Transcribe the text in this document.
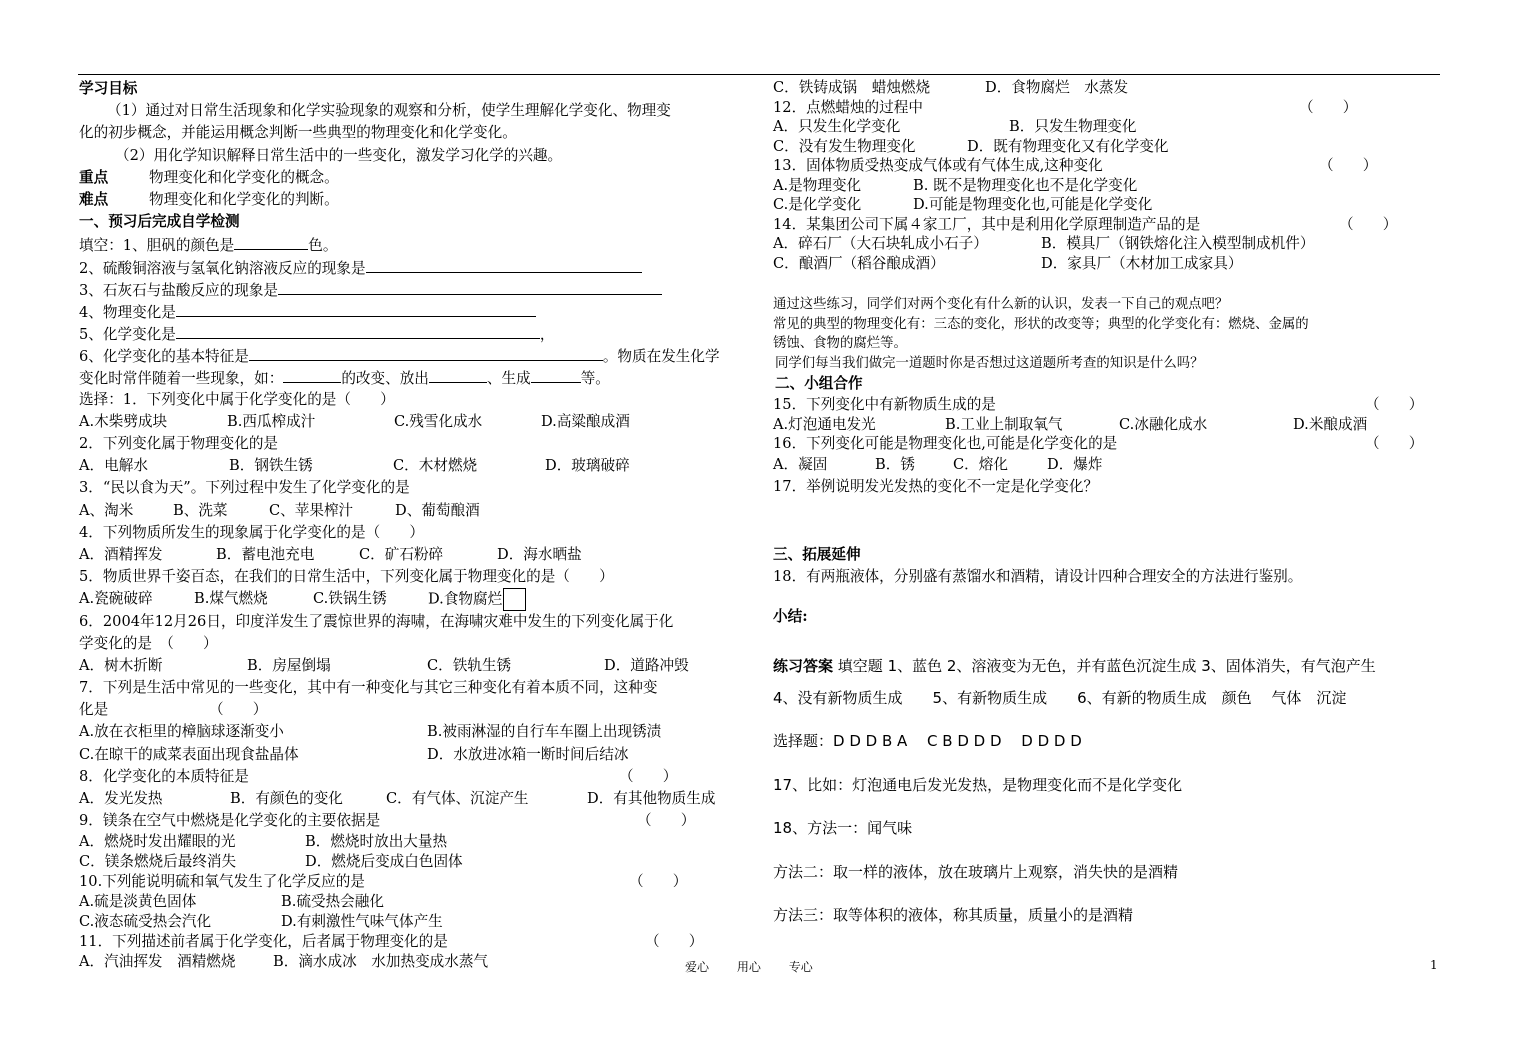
学习目标
（1）通过对日常生活现象和化学实验现象的观察和分析，使学生理解化学变化、物理变
化的初步概念，并能运用概念判断一些典型的物理变化和化学变化。
（2）用化学知识解释日常生活中的一些变化，激发学习化学的兴趣。
重点	物理变化和化学变化的概念。
难点	物理变化和化学变化的判断。
一、预习后完成自学检测
填空：1、胆矾的颜色是	色。
2、硫酸铜溶液与氢氧化钠溶液反应的现象是
3、石灰石与盐酸反应的现象是
4、物理变化是
5、化学变化是	，
6、化学变化的基本特征是	。物质在发生化学
变化时常伴随着一些现象，如：	的改变、放出	、生成	等。
选择：1．下列变化中属于化学变化的是（　　）
A.木柴劈成块	B.西瓜榨成汁	C.残雪化成水	D.高粱酿成酒
2．下列变化属于物理变化的是
A．电解水	B．钢铁生锈	C．木材燃烧	D．玻璃破碎
3．“民以食为天”。下列过程中发生了化学变化的是
A、淘米	B、洗菜	C、苹果榨汁	D、葡萄酿酒
4．下列物质所发生的现象属于化学变化的是（　　）
A．酒精挥发	B．蓄电池充电	C．矿石粉碎	D．海水晒盐
5．物质世界千姿百态，在我们的日常生活中，下列变化属于物理变化的是（　　）
A.瓷碗破碎	B.煤气燃烧	C.铁锅生锈	D.食物腐烂
6．2004年12月26日，印度洋发生了震惊世界的海啸，在海啸灾难中发生的下列变化属于化
学变化的是　（　　）
A．树木折断	B．房屋倒塌	C．铁轨生锈	D．道路冲毁
7．下列是生活中常见的一些变化，其中有一种变化与其它三种变化有着本质不同，这种变
化是	（　　）
A.放在衣柜里的樟脑球逐渐变小	B.被雨淋湿的自行车车圈上出现锈渍
C.在晾干的咸菜表面出现食盐晶体	D．水放进冰箱一断时间后结冰
8．化学变化的本质特征是	（　　）
A．发光发热	B．有颜色的变化	C．有气体、沉淀产生	D．有其他物质生成
9．镁条在空气中燃烧是化学变化的主要依据是	（　　）
A．燃烧时发出耀眼的光	B．燃烧时放出大量热
C．镁条燃烧后最终消失	D．燃烧后变成白色固体
10.下列能说明硫和氧气发生了化学反应的是	（　　）
A.硫是淡黄色固体	B.硫受热会融化
C.液态硫受热会汽化	D.有刺激性气味气体产生
11．下列描述前者属于化学变化，后者属于物理变化的是	（　　）
A．汽油挥发　酒精燃烧	B．滴水成冰　水加热变成水蒸气
C．铁铸成锅　蜡烛燃烧	D．食物腐烂　水蒸发
12．点燃蜡烛的过程中	（　　）
A．只发生化学变化	B．只发生物理变化
C．没有发生物理变化	D．既有物理变化又有化学变化
13．固体物质受热变成气体或有气体生成,这种变化	（　　）
A.是物理变化	B. 既不是物理变化也不是化学变化
C.是化学变化	D.可能是物理变化也,可能是化学变化
14．某集团公司下属４家工厂，其中是利用化学原理制造产品的是	（　　）
A．碎石厂（大石块轧成小石子）	B．模具厂（钢铁熔化注入模型制成机件）
C．酿酒厂（稻谷酿成酒）	D．家具厂（木材加工成家具）
通过这些练习，同学们对两个变化有什么新的认识，发表一下自己的观点吧？
常见的典型的物理变化有：三态的变化，形状的改变等；典型的化学变化有：燃烧、金属的
锈蚀、食物的腐烂等。
同学们每当我们做完一道题时你是否想过这道题所考查的知识是什么吗？
二、小组合作
15．下列变化中有新物质生成的是	（　　）
A.灯泡通电发光	B.工业上制取氧气	C.冰融化成水	D.米酿成酒
16．下列变化可能是物理变化也,可能是化学变化的是	（　　）
A．凝固	B．锈	C．熔化	D．爆炸
17．举例说明发光发热的变化不一定是化学变化？
三、拓展延伸
18．有两瓶液体，分别盛有蒸馏水和酒精，请设计四种合理安全的方法进行鉴别。
小结:
练习答案 填空题 1、蓝色 2、溶液变为无色，并有蓝色沉淀生成 3、固体消失，有气泡产生
4、没有新物质生成　　5、有新物质生成　　6、有新的物质生成　颜色　 气体　沉淀
选择题：D D D B A　 C B D D D　 D D D D
17、比如：灯泡通电后发光发热，是物理变化而不是化学变化
18、方法一：闻气味
方法二：取一样的液体，放在玻璃片上观察，消失快的是酒精
方法三：取等体积的液体，称其质量，质量小的是酒精
爱心 用心 专心	1
